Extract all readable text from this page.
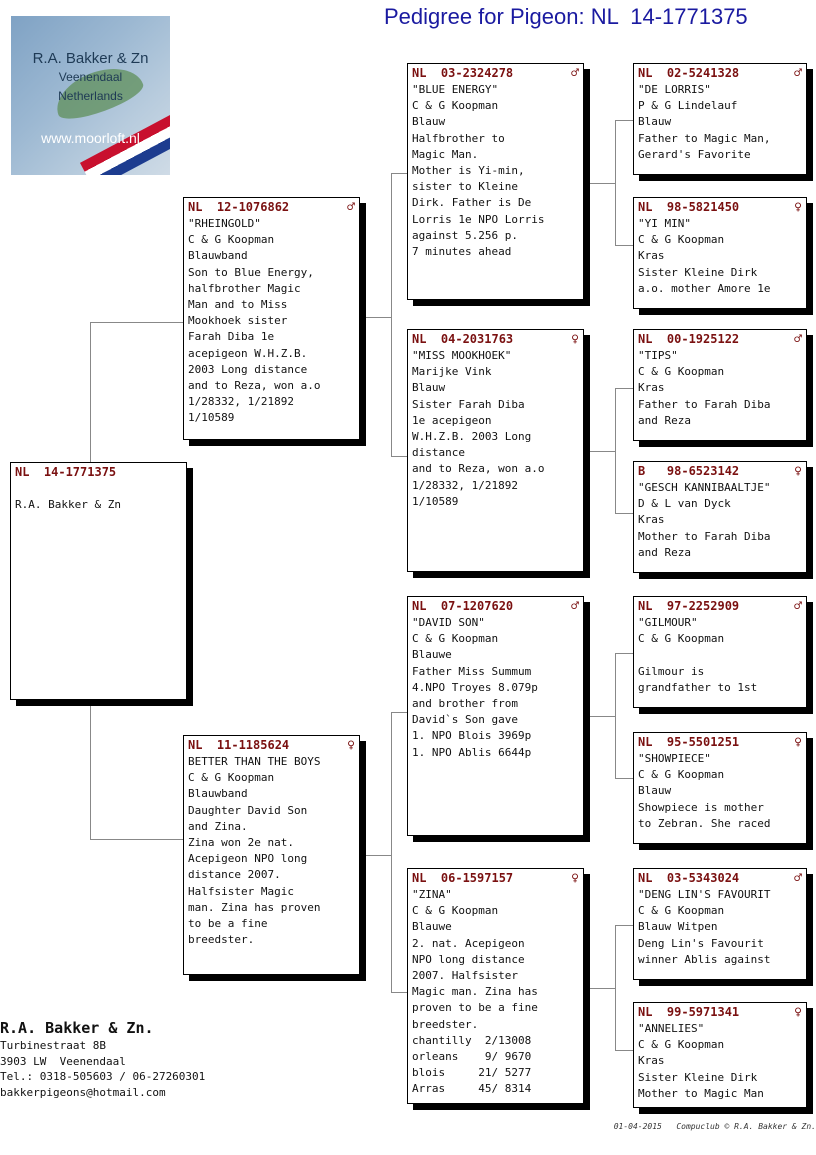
Pedigree for Pigeon: NL  14-1771375
R.A. Bakker & Zn
Veenendaal
Netherlands
www.moorloft.nl
NL  14-1771375

R.A. Bakker & Zn
NL  12-1076862	♂
"RHEINGOLD"
C & G Koopman
Blauwband
Son to Blue Energy,
halfbrother Magic
Man and to Miss
Mookhoek sister
Farah Diba 1e
acepigeon W.H.Z.B.
2003 Long distance
and to Reza, won a.o
1/28332, 1/21892
1/10589
NL  11-1185624	♀
BETTER THAN THE BOYS
C & G Koopman
Blauwband
Daughter David Son
and Zina.
Zina won 2e nat.
Acepigeon NPO long
distance 2007.
Halfsister Magic
man. Zina has proven
to be a fine
breedster.
NL  03-2324278	♂
"BLUE ENERGY"
C & G Koopman
Blauw
Halfbrother to
Magic Man.
Mother is Yi-min,
sister to Kleine
Dirk. Father is De
Lorris 1e NPO Lorris
against 5.256 p.
7 minutes ahead
NL  04-2031763	♀
"MISS MOOKHOEK"
Marijke Vink
Blauw
Sister Farah Diba
1e acepigeon
W.H.Z.B. 2003 Long
distance
and to Reza, won a.o
1/28332, 1/21892
1/10589
NL  07-1207620	♂
"DAVID SON"
C & G Koopman
Blauwe
Father Miss Summum
4.NPO Troyes 8.079p
and brother from
David`s Son gave
1. NPO Blois 3969p
1. NPO Ablis 6644p
NL  06-1597157	♀
"ZINA"
C & G Koopman
Blauwe
2. nat. Acepigeon
NPO long distance
2007. Halfsister
Magic man. Zina has
proven to be a fine
breedster.
chantilly  2/13008
orleans    9/ 9670
blois     21/ 5277
Arras     45/ 8314
NL  02-5241328	♂
"DE LORRIS"
P & G Lindelauf
Blauw
Father to Magic Man,
Gerard's Favorite
NL  98-5821450	♀
"YI MIN"
C & G Koopman
Kras
Sister Kleine Dirk
a.o. mother Amore 1e
NL  00-1925122	♂
"TIPS"
C & G Koopman
Kras
Father to Farah Diba
and Reza
B   98-6523142	♀
"GESCH KANNIBAALTJE"
D & L van Dyck
Kras
Mother to Farah Diba
and Reza
NL  97-2252909	♂
"GILMOUR"
C & G Koopman

Gilmour is
grandfather to 1st
NL  95-5501251	♀
"SHOWPIECE"
C & G Koopman
Blauw
Showpiece is mother
to Zebran. She raced
NL  03-5343024	♂
"DENG LIN'S FAVOURIT
C & G Koopman
Blauw Witpen
Deng Lin's Favourit
winner Ablis against
NL  99-5971341	♀
"ANNELIES"
C & G Koopman
Kras
Sister Kleine Dirk
Mother to Magic Man
R.A. Bakker & Zn.
Turbinestraat 8B
3903 LW  Veenendaal
Tel.: 0318-505603 / 06-27260301
bakkerpigeons@hotmail.com
01-04-2015   Compuclub © R.A. Bakker & Zn.
